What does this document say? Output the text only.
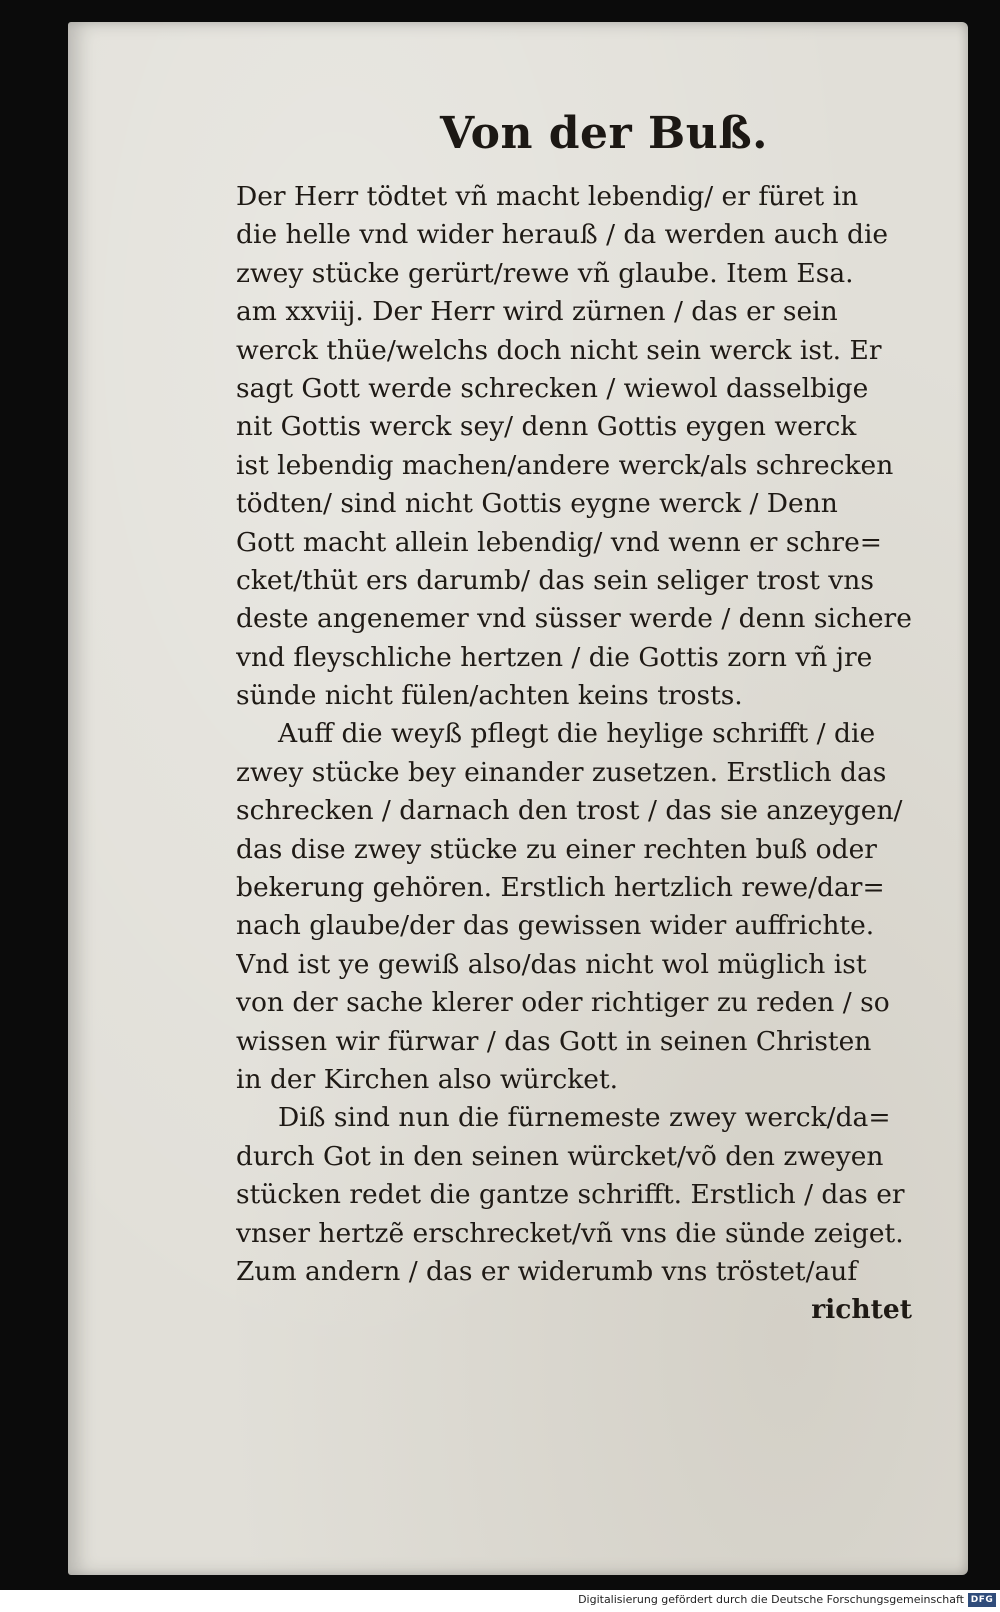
Von der Buß.
Der Herr tödtet vñ macht lebendig/ er füret in
die helle vnd wider herauß / da werden auch die
zwey stücke gerürt/rewe vñ glaube. Item Esa.
am xxviij. Der Herr wird zürnen / das er sein
werck thüe/welchs doch nicht sein werck ist. Er
sagt Gott werde schrecken / wiewol dasselbige
nit Gottis werck sey/ denn Gottis eygen werck
ist lebendig machen/andere werck/als schrecken
tödten/ sind nicht Gottis eygne werck / Denn
Gott macht allein lebendig/ vnd wenn er schre=
cket/thüt ers darumb/ das sein seliger trost vns
deste angenemer vnd süsser werde / denn sichere
vnd fleyschliche hertzen / die Gottis zorn vñ jre
sünde nicht fülen/achten keins trosts.
Auff die weyß pflegt die heylige schrifft / die
zwey stücke bey einander zusetzen. Erstlich das
schrecken / darnach den trost / das sie anzeygen/
das dise zwey stücke zu einer rechten buß oder
bekerung gehören. Erstlich hertzlich rewe/dar=
nach glaube/der das gewissen wider auffrichte.
Vnd ist ye gewiß also/das nicht wol müglich ist
von der sache klerer oder richtiger zu reden / so
wissen wir fürwar / das Gott in seinen Christen
in der Kirchen also würcket.
Diß sind nun die fürnemeste zwey werck/da=
durch Got in den seinen würcket/võ den zweyen
stücken redet die gantze schrifft. Erstlich / das er
vnser hertzẽ erschrecket/vñ vns die sünde zeiget.
Zum andern / das er widerumb vns tröstet/auf
richtet
Digitalisierung gefördert durch die Deutsche Forschungsgemeinschaft DFG
